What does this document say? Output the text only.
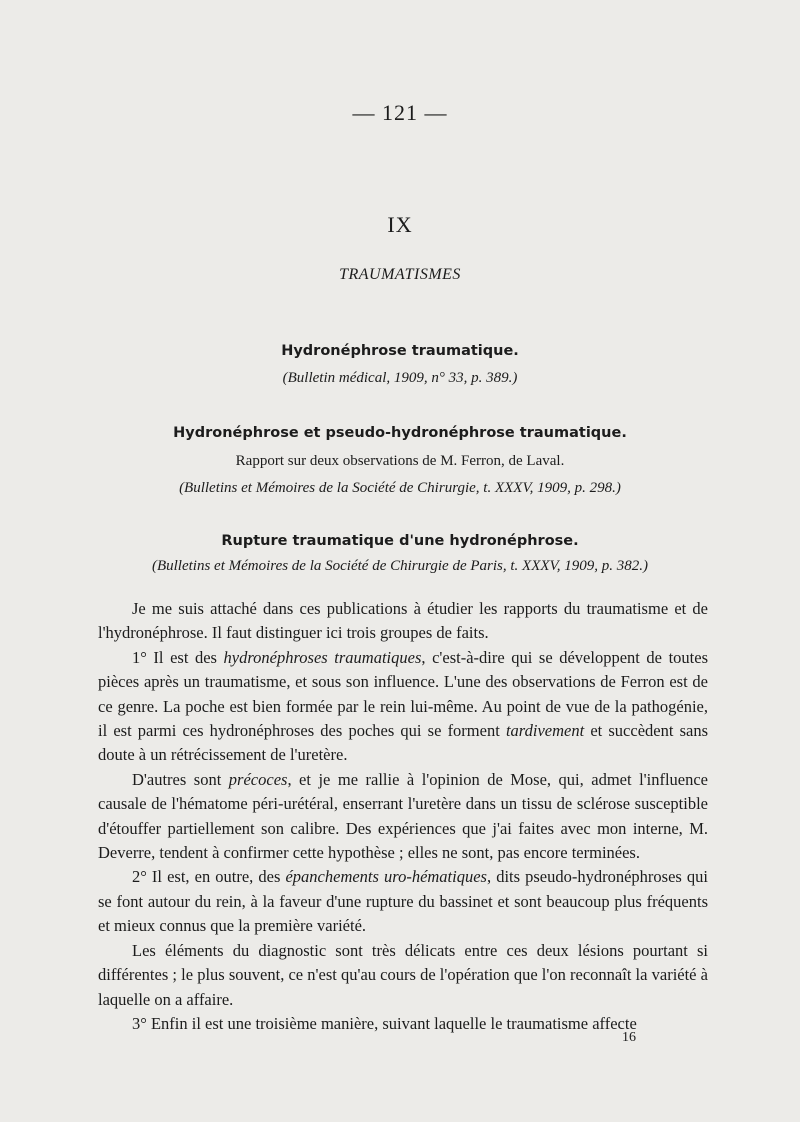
— 121 —
IX
TRAUMATISMES
Hydronéphrose traumatique.
(Bulletin médical, 1909, n° 33, p. 389.)
Hydronéphrose et pseudo-hydronéphrose traumatique.
Rapport sur deux observations de M. Ferron, de Laval.
(Bulletins et Mémoires de la Société de Chirurgie, t. XXXV, 1909, p. 298.)
Rupture traumatique d'une hydronéphrose.
(Bulletins et Mémoires de la Société de Chirurgie de Paris, t. XXXV, 1909, p. 382.)

Je me suis attaché dans ces publications à étudier les rapports du traumatisme et de l'hydronéphrose. Il faut distinguer ici trois groupes de faits.

1° Il est des hydronéphroses traumatiques, c'est-à-dire qui se développent de toutes pièces après un traumatisme, et sous son influence. L'une des observations de Ferron est de ce genre. La poche est bien formée par le rein lui-même. Au point de vue de la pathogénie, il est parmi ces hydronéphroses des poches qui se forment tardivement et succèdent sans doute à un rétrécissement de l'uretère.

D'autres sont précoces, et je me rallie à l'opinion de Mose, qui, admet l'influence causale de l'hématome péri-urétéral, enserrant l'uretère dans un tissu de sclérose susceptible d'étouffer partiellement son calibre. Des expériences que j'ai faites avec mon interne, M. Deverre, tendent à confirmer cette hypothèse ; elles ne sont, pas encore terminées.

2° Il est, en outre, des épanchements uro-hématiques, dits pseudo-hydronéphroses qui se font autour du rein, à la faveur d'une rupture du bassinet et sont beaucoup plus fréquents et mieux connus que la première variété.

Les éléments du diagnostic sont très délicats entre ces deux lésions pourtant si différentes ; le plus souvent, ce n'est qu'au cours de l'opération que l'on reconnaît la variété à laquelle on a affaire.

3° Enfin il est une troisième manière, suivant laquelle le traumatisme affecte

16
